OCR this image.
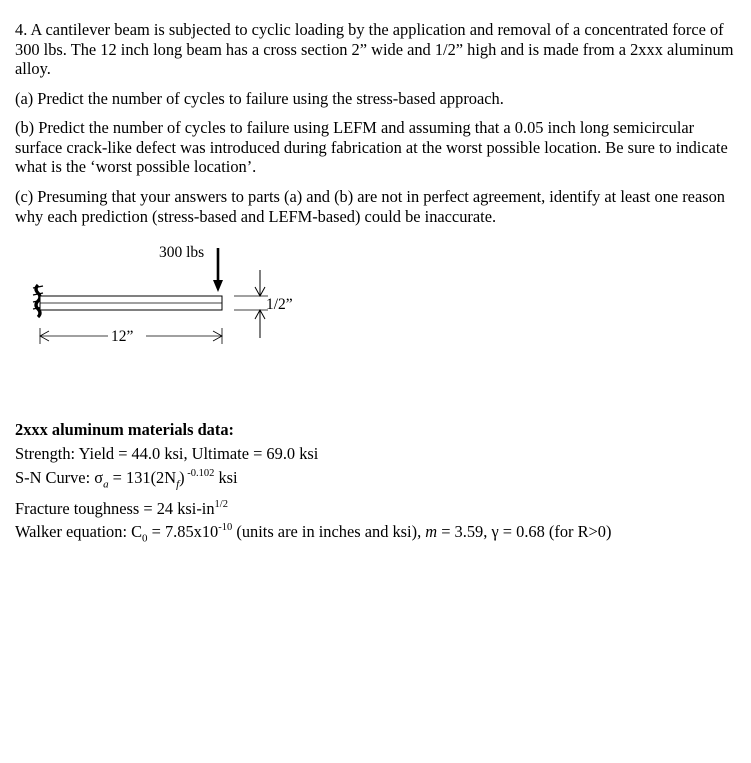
4. A cantilever beam is subjected to cyclic loading by the application and removal of a concentrated force of 300 lbs. The 12 inch long beam has a cross section 2” wide and 1/2” high and is made from a 2xxx aluminum alloy.

(a) Predict the number of cycles to failure using the stress-based approach.

(b) Predict the number of cycles to failure using LEFM and assuming that a 0.05 inch long semicircular surface crack-like defect was introduced during fabrication at the worst possible location. Be sure to indicate what is the ‘worst possible location’.

(c) Presuming that your answers to parts (a) and (b) are not in perfect agreement, identify at least one reason why each prediction (stress-based and LEFM-based) could be inaccurate.

300 lbs
1/2”
12”
2xxx aluminum materials data:
Strength: Yield = 44.0 ksi, Ultimate = 69.0 ksi
S-N Curve: $\sigma_a = 131(2N_f)$ $^{-0.102}$ ksi
Fracture toughness = 24 ksi-$in^{1/2}$
Walker equation: $C_0 = 7.85x10^{-10}$ (units are in inches and ksi), m = 3.59, γ = 0.68 (for R>0)
